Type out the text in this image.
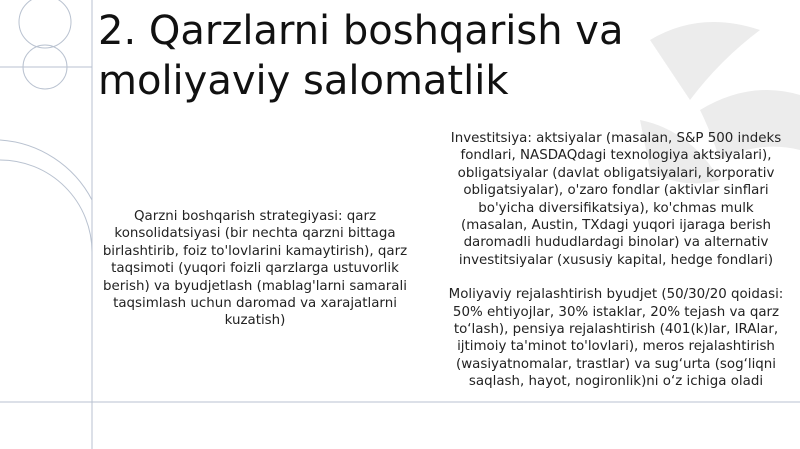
2. Qarzlarni boshqarish va moliyaviy salomatlik

Qarzni boshqarish strategiyasi: qarz konsolidatsiyasi (bir nechta qarzni bittaga birlashtirib, foiz to'lovlarini kamaytirish), qarz taqsimoti (yuqori foizli qarzlarga ustuvorlik berish) va byudjetlash (mablag'larni samarali taqsimlash uchun daromad va xarajatlarni kuzatish)

Investitsiya: aktsiyalar (masalan, S&P 500 indeks fondlari, NASDAQdagi texnologiya aktsiyalari), obligatsiyalar (davlat obligatsiyalari, korporativ obligatsiyalar), o'zaro fondlar (aktivlar sinflari bo'yicha diversifikatsiya), ko'chmas mulk (masalan, Austin, TXdagi yuqori ijaraga berish daromadli hududlardagi binolar) va alternativ investitsiyalar (xususiy kapital, hedge fondlari)

Moliyaviy rejalashtirish byudjet (50/30/20 qoidasi: 50% ehtiyojlar, 30% istaklar, 20% tejash va qarz to‘lash), pensiya rejalashtirish (401(k)lar, IRAlar, ijtimoiy ta'minot to'lovlari), meros rejalashtirish (wasiyatnomalar, trastlar) va sug‘urta (sog‘liqni saqlash, hayot, nogironlik)ni o‘z ichiga oladi
